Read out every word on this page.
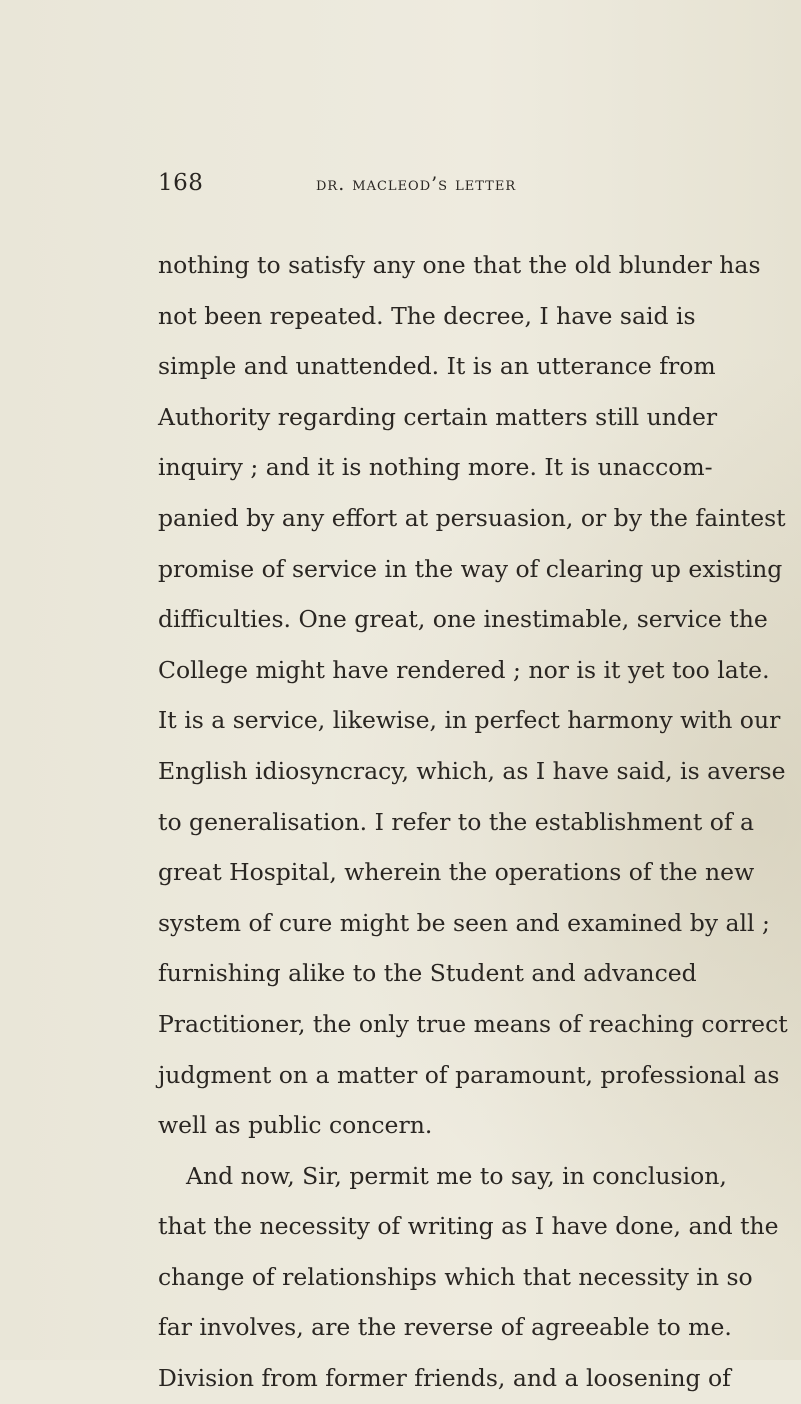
168	dr. macleod’s letter
nothing to satisfy any one that the old blunder has
not been repeated. The decree, I have said is
simple and unattended. It is an utterance from
Authority regarding certain matters still under
inquiry ; and it is nothing more. It is unaccom-
panied by any effort at persuasion, or by the faintest
promise of service in the way of clearing up existing
difficulties. One great, one inestimable, service the
College might have rendered ; nor is it yet too late.
It is a service, likewise, in perfect harmony with our
English idiosyncracy, which, as I have said, is averse
to generalisation. I refer to the establishment of a
great Hospital, wherein the operations of the new
system of cure might be seen and examined by all ;
furnishing alike to the Student and advanced
Practitioner, the only true means of reaching correct
judgment on a matter of paramount, professional as
well as public concern.
And now, Sir, permit me to say, in conclusion,
that the necessity of writing as I have done, and the
change of relationships which that necessity in so
far involves, are the reverse of agreeable to me.
Division from former friends, and a loosening of
